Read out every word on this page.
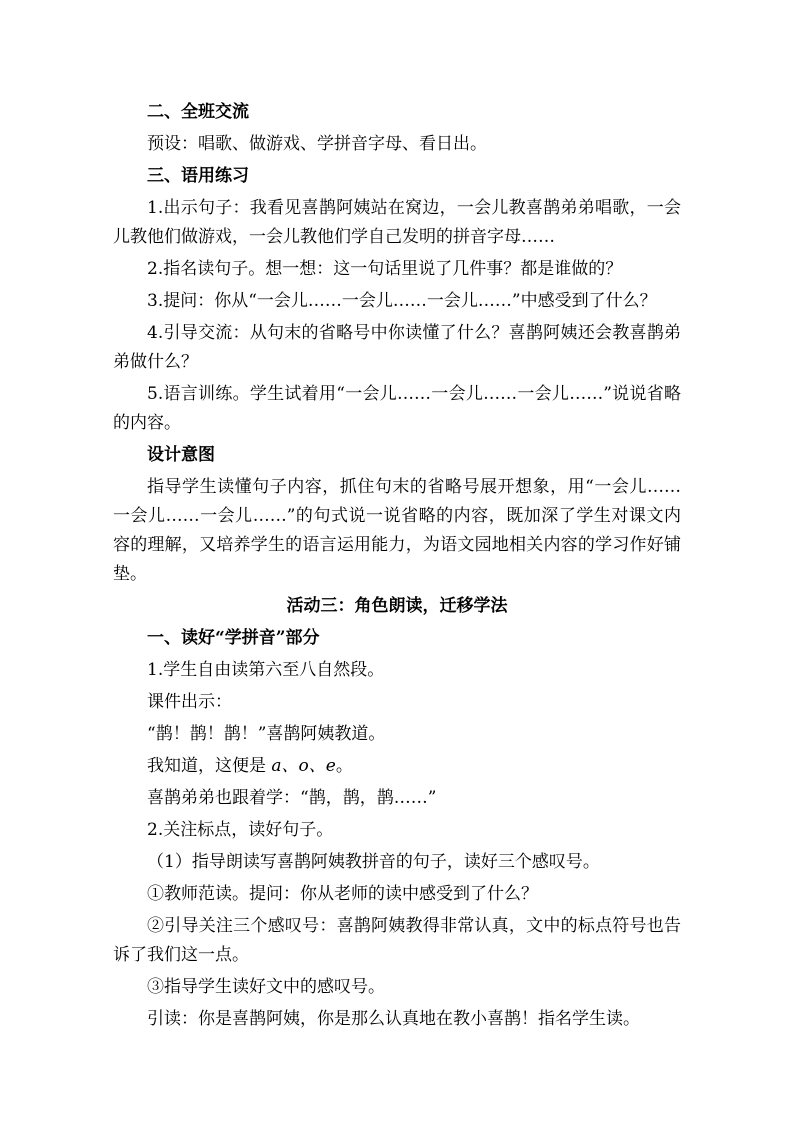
二、全班交流

预设：唱歌、做游戏、学拼音字母、看日出。

三、语用练习

1.出示句子：我看见喜鹊阿姨站在窝边，一会儿教喜鹊弟弟唱歌，一会儿教他们做游戏，一会儿教他们学自己发明的拼音字母……

2.指名读句子。想一想：这一句话里说了几件事？都是谁做的？

3.提问：你从“一会儿……一会儿……一会儿……”中感受到了什么？

4.引导交流：从句末的省略号中你读懂了什么？喜鹊阿姨还会教喜鹊弟弟做什么？

5.语言训练。学生试着用“一会儿……一会儿……一会儿……”说说省略的内容。

设计意图

指导学生读懂句子内容，抓住句末的省略号展开想象，用“一会儿……一会儿……一会儿……”的句式说一说省略的内容，既加深了学生对课文内容的理解，又培养学生的语言运用能力，为语文园地相关内容的学习作好铺垫。

活动三：角色朗读，迁移学法

一、读好“学拼音”部分

1.学生自由读第六至八自然段。

课件出示：

“鹊！鹊！鹊！”喜鹊阿姨教道。

我知道，这便是 a、o、e。

喜鹊弟弟也跟着学：“鹊，鹊，鹊……”

2.关注标点，读好句子。

（1）指导朗读写喜鹊阿姨教拼音的句子，读好三个感叹号。

①教师范读。提问：你从老师的读中感受到了什么？

②引导关注三个感叹号：喜鹊阿姨教得非常认真，文中的标点符号也告诉了我们这一点。

③指导学生读好文中的感叹号。

引读：你是喜鹊阿姨，你是那么认真地在教小喜鹊！指名学生读。
